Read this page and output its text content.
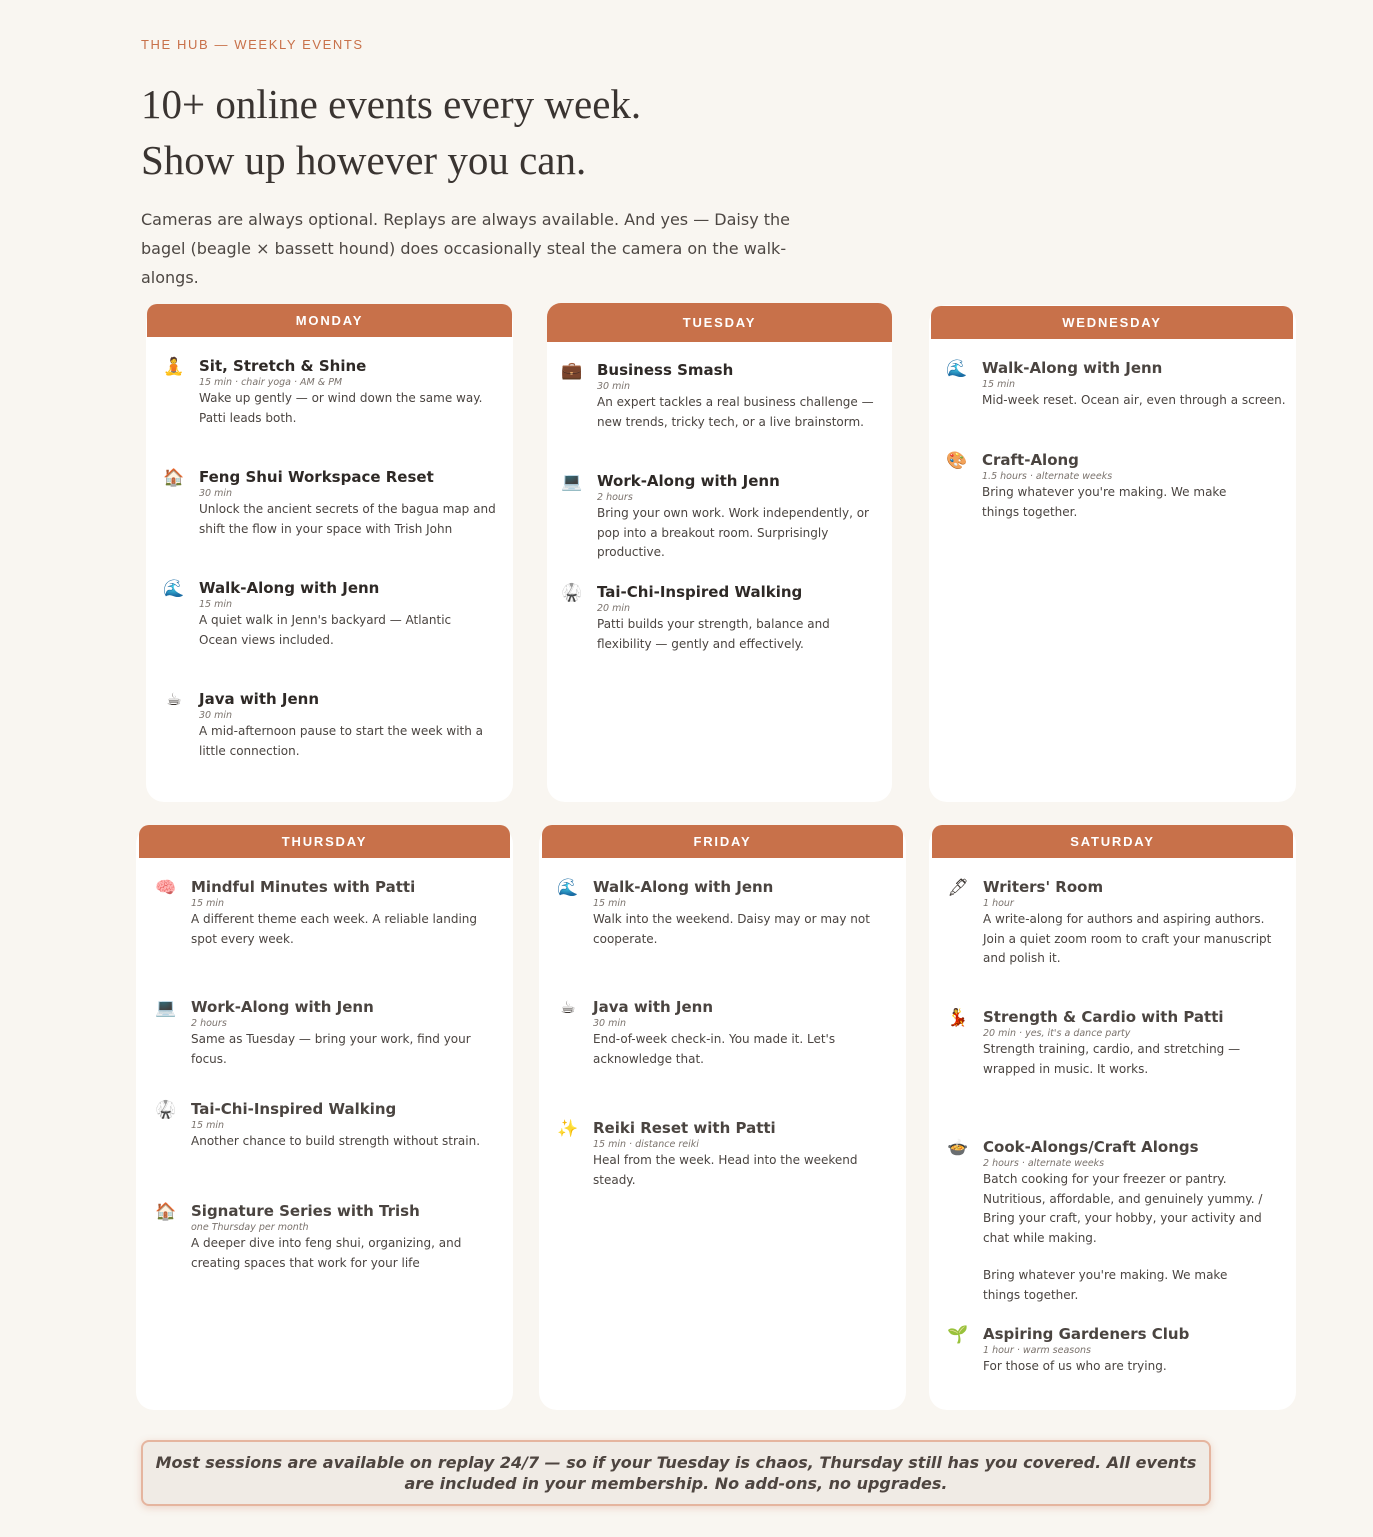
THE HUB — WEEKLY EVENTS
10+ online events every week.
Show up however you can.

Cameras are always optional. Replays are always available. And yes — Daisy the
bagel (beagle × bassett hound) does occasionally steal the camera on the walk-alongs.

MONDAY
🧘 Sit, Stretch & Shine
15 min · chair yoga · AM & PM
Wake up gently — or wind down the same way. Patti leads both.
🏠 Feng Shui Workspace Reset
30 min
Unlock the ancient secrets of the bagua map and shift the flow in your space with Trish John
🌊 Walk-Along with Jenn
15 min
A quiet walk in Jenn's backyard — Atlantic Ocean views included.
☕ Java with Jenn
30 min
A mid-afternoon pause to start the week with a little connection.
TUESDAY
💼 Business Smash
30 min
An expert tackles a real business challenge — new trends, tricky tech, or a live brainstorm.
💻 Work-Along with Jenn
2 hours
Bring your own work. Work independently, or pop into a breakout room. Surprisingly productive.
🥋 Tai-Chi-Inspired Walking
20 min
Patti builds your strength, balance and flexibility — gently and effectively.
WEDNESDAY
🌊 Walk-Along with Jenn
15 min
Mid-week reset. Ocean air, even through a screen.
🎨 Craft-Along
1.5 hours · alternate weeks
Bring whatever you're making. We make things together.
THURSDAY
🧠 Mindful Minutes with Patti
15 min
A different theme each week. A reliable landing spot every week.
💻 Work-Along with Jenn
2 hours
Same as Tuesday — bring your work, find your focus.
🥋 Tai-Chi-Inspired Walking
15 min
Another chance to build strength without strain.
🏠 Signature Series with Trish
one Thursday per month
A deeper dive into feng shui, organizing, and creating spaces that work for your life
FRIDAY
🌊 Walk-Along with Jenn
15 min
Walk into the weekend. Daisy may or may not cooperate.
☕ Java with Jenn
30 min
End-of-week check-in. You made it. Let's acknowledge that.
✨ Reiki Reset with Patti
15 min · distance reiki
Heal from the week. Head into the weekend steady.
SATURDAY
🖋 Writers' Room
1 hour
A write-along for authors and aspiring authors. Join a quiet zoom room to craft your manuscript and polish it.
💃 Strength & Cardio with Patti
20 min · yes, it's a dance party
Strength training, cardio, and stretching — wrapped in music. It works.
🍲 Cook-Alongs/Craft Alongs
2 hours · alternate weeks
Batch cooking for your freezer or pantry. Nutritious, affordable, and genuinely yummy. / Bring your craft, your hobby, your activity and chat while making.
Bring whatever you're making. We make things together.
🌱 Aspiring Gardeners Club
1 hour · warm seasons
For those of us who are trying.
Most sessions are available on replay 24/7 — so if your Tuesday is chaos, Thursday still has you covered. All events are included in your membership. No add-ons, no upgrades.
